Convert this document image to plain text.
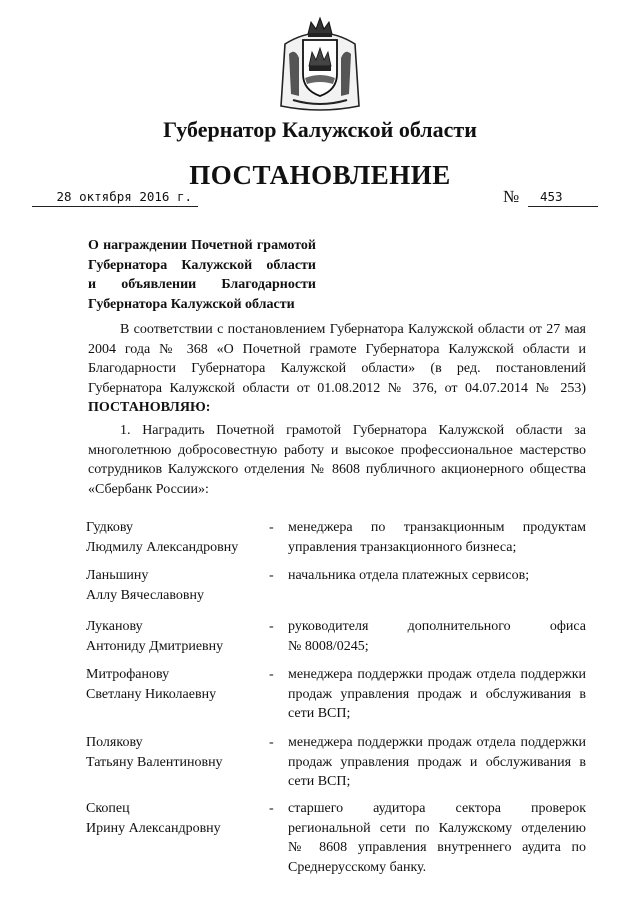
Губернатор Калужской области
ПОСТАНОВЛЕНИЕ
28 октября 2016 г.	№ 453
О награждении Почетной грамотой
Губернатора Калужской области
и объявлении Благодарности
Губернатора Калужской области
В соответствии с постановлением Губернатора Калужской области от 27 мая
2004 года № 368 «О Почетной грамоте Губернатора Калужской области и
Благодарности Губернатора Калужской области» (в ред. постановлений
Губернатора Калужской области от 01.08.2012 № 376, от 04.07.2014 № 253)
ПОСТАНОВЛЯЮ:
1. Наградить Почетной грамотой Губернатора Калужской области за
многолетнюю добросовестную работу и высокое профессиональное мастерство
сотрудников Калужского отделения № 8608 публичного акционерного общества
«Сбербанк России»:
Гудкову
Людмилу Александровну
- менеджера по транзакционным продуктам
управления транзакционного бизнеса;
Ланьшину
Аллу Вячеславовну
- начальника отдела платежных сервисов;
Луканову
Антониду Дмитриевну
- руководителя дополнительного офиса
№ 8008/0245;
Митрофанову
Светлану Николаевну
- менеджера поддержки продаж отдела поддержки
продаж управления продаж и обслуживания в
сети ВСП;
Полякову
Татьяну Валентиновну
- менеджера поддержки продаж отдела поддержки
продаж управления продаж и обслуживания в
сети ВСП;
Скопец
Ирину Александровну
- старшего аудитора сектора проверок
региональной сети по Калужскому отделению
№ 8608 управления внутреннего аудита по
Среднерусскому банку.
